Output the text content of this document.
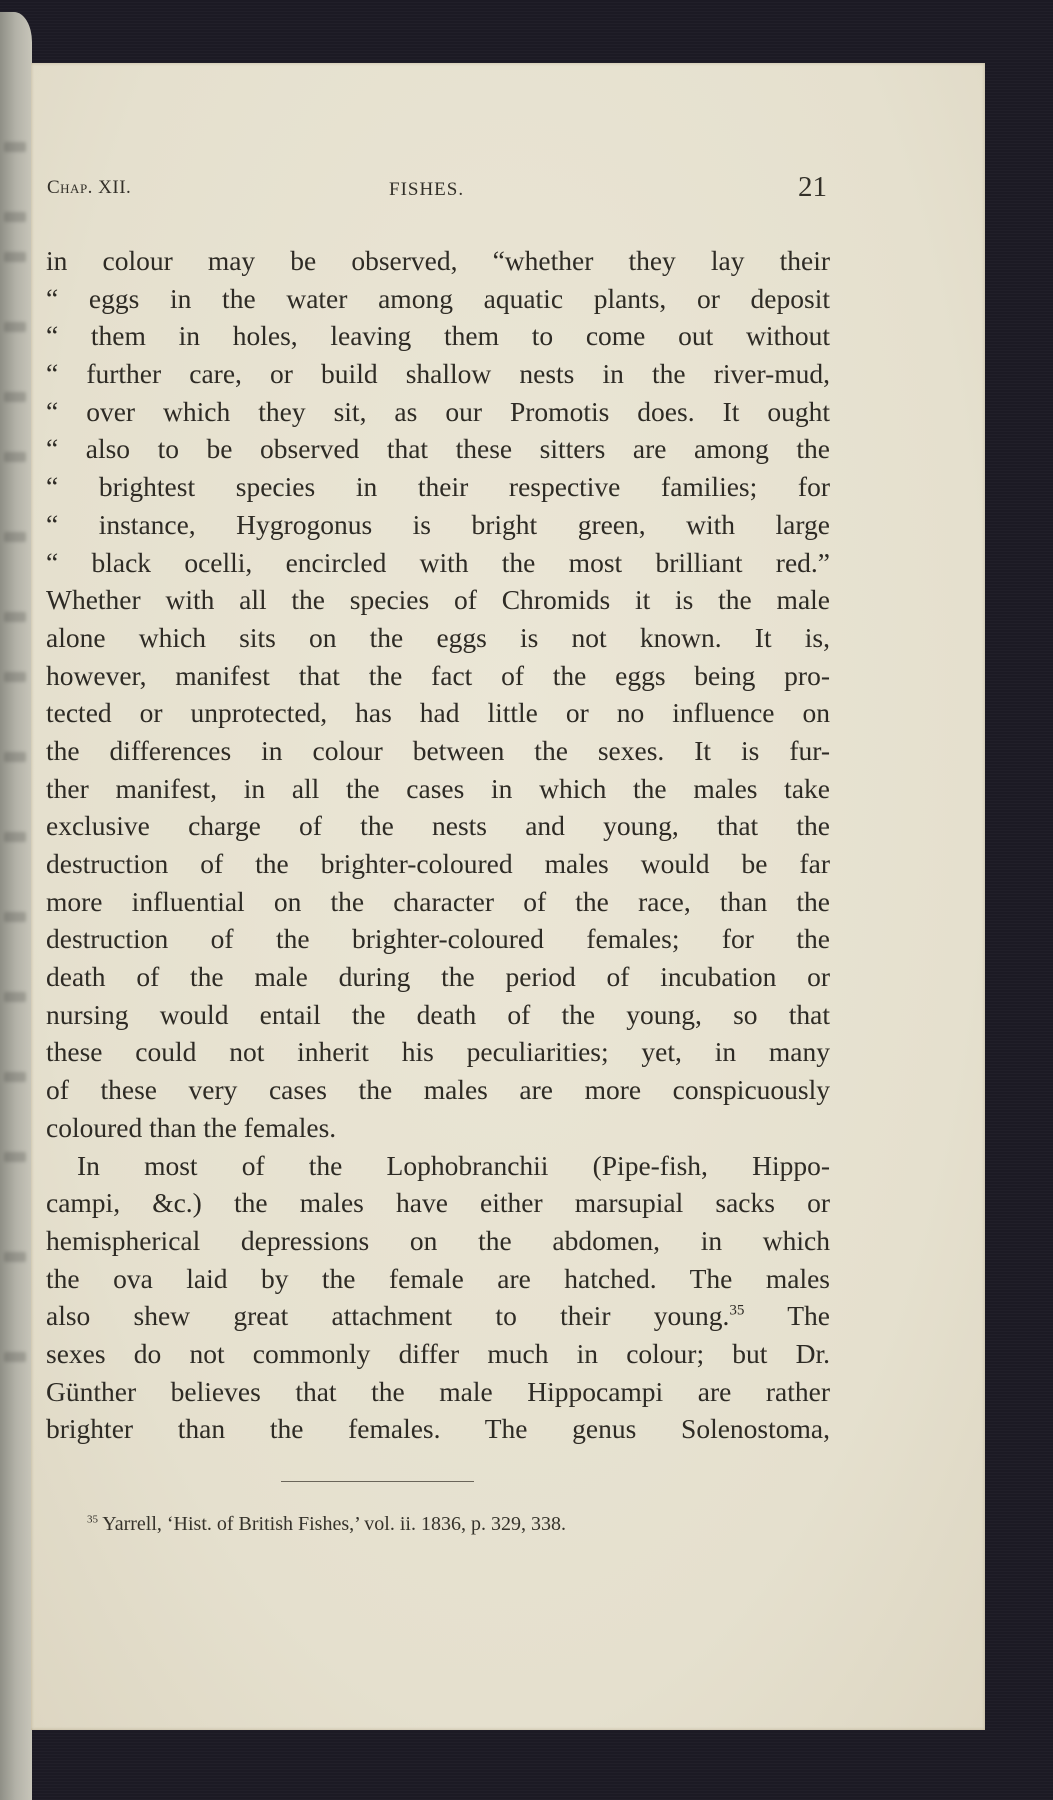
Chap. XII.	FISHES.	21
in colour may be observed, “whether they lay their
“ eggs in the water among aquatic plants, or deposit
“ them in holes, leaving them to come out without
“ further care, or build shallow nests in the river-mud,
“ over which they sit, as our Promotis does. It ought
“ also to be observed that these sitters are among the
“ brightest species in their respective families; for
“ instance, Hygrogonus is bright green, with large
“ black ocelli, encircled with the most brilliant red.”
Whether with all the species of Chromids it is the male
alone which sits on the eggs is not known. It is,
however, manifest that the fact of the eggs being pro-
tected or unprotected, has had little or no influence on
the differences in colour between the sexes. It is fur-
ther manifest, in all the cases in which the males take
exclusive charge of the nests and young, that the
destruction of the brighter-coloured males would be far
more influential on the character of the race, than the
destruction of the brighter-coloured females; for the
death of the male during the period of incubation or
nursing would entail the death of the young, so that
these could not inherit his peculiarities; yet, in many
of these very cases the males are more conspicuously
coloured than the females.
In most of the Lophobranchii (Pipe-fish, Hippo-
campi, &c.) the males have either marsupial sacks or
hemispherical depressions on the abdomen, in which
the ova laid by the female are hatched. The males
also shew great attachment to their young.$^{35}$ The
sexes do not commonly differ much in colour; but Dr.
Günther believes that the male Hippocampi are rather
brighter than the females. The genus Solenostoma,
$^{35}$ Yarrell, ‘Hist. of British Fishes,’ vol. ii. 1836, p. 329, 338.
